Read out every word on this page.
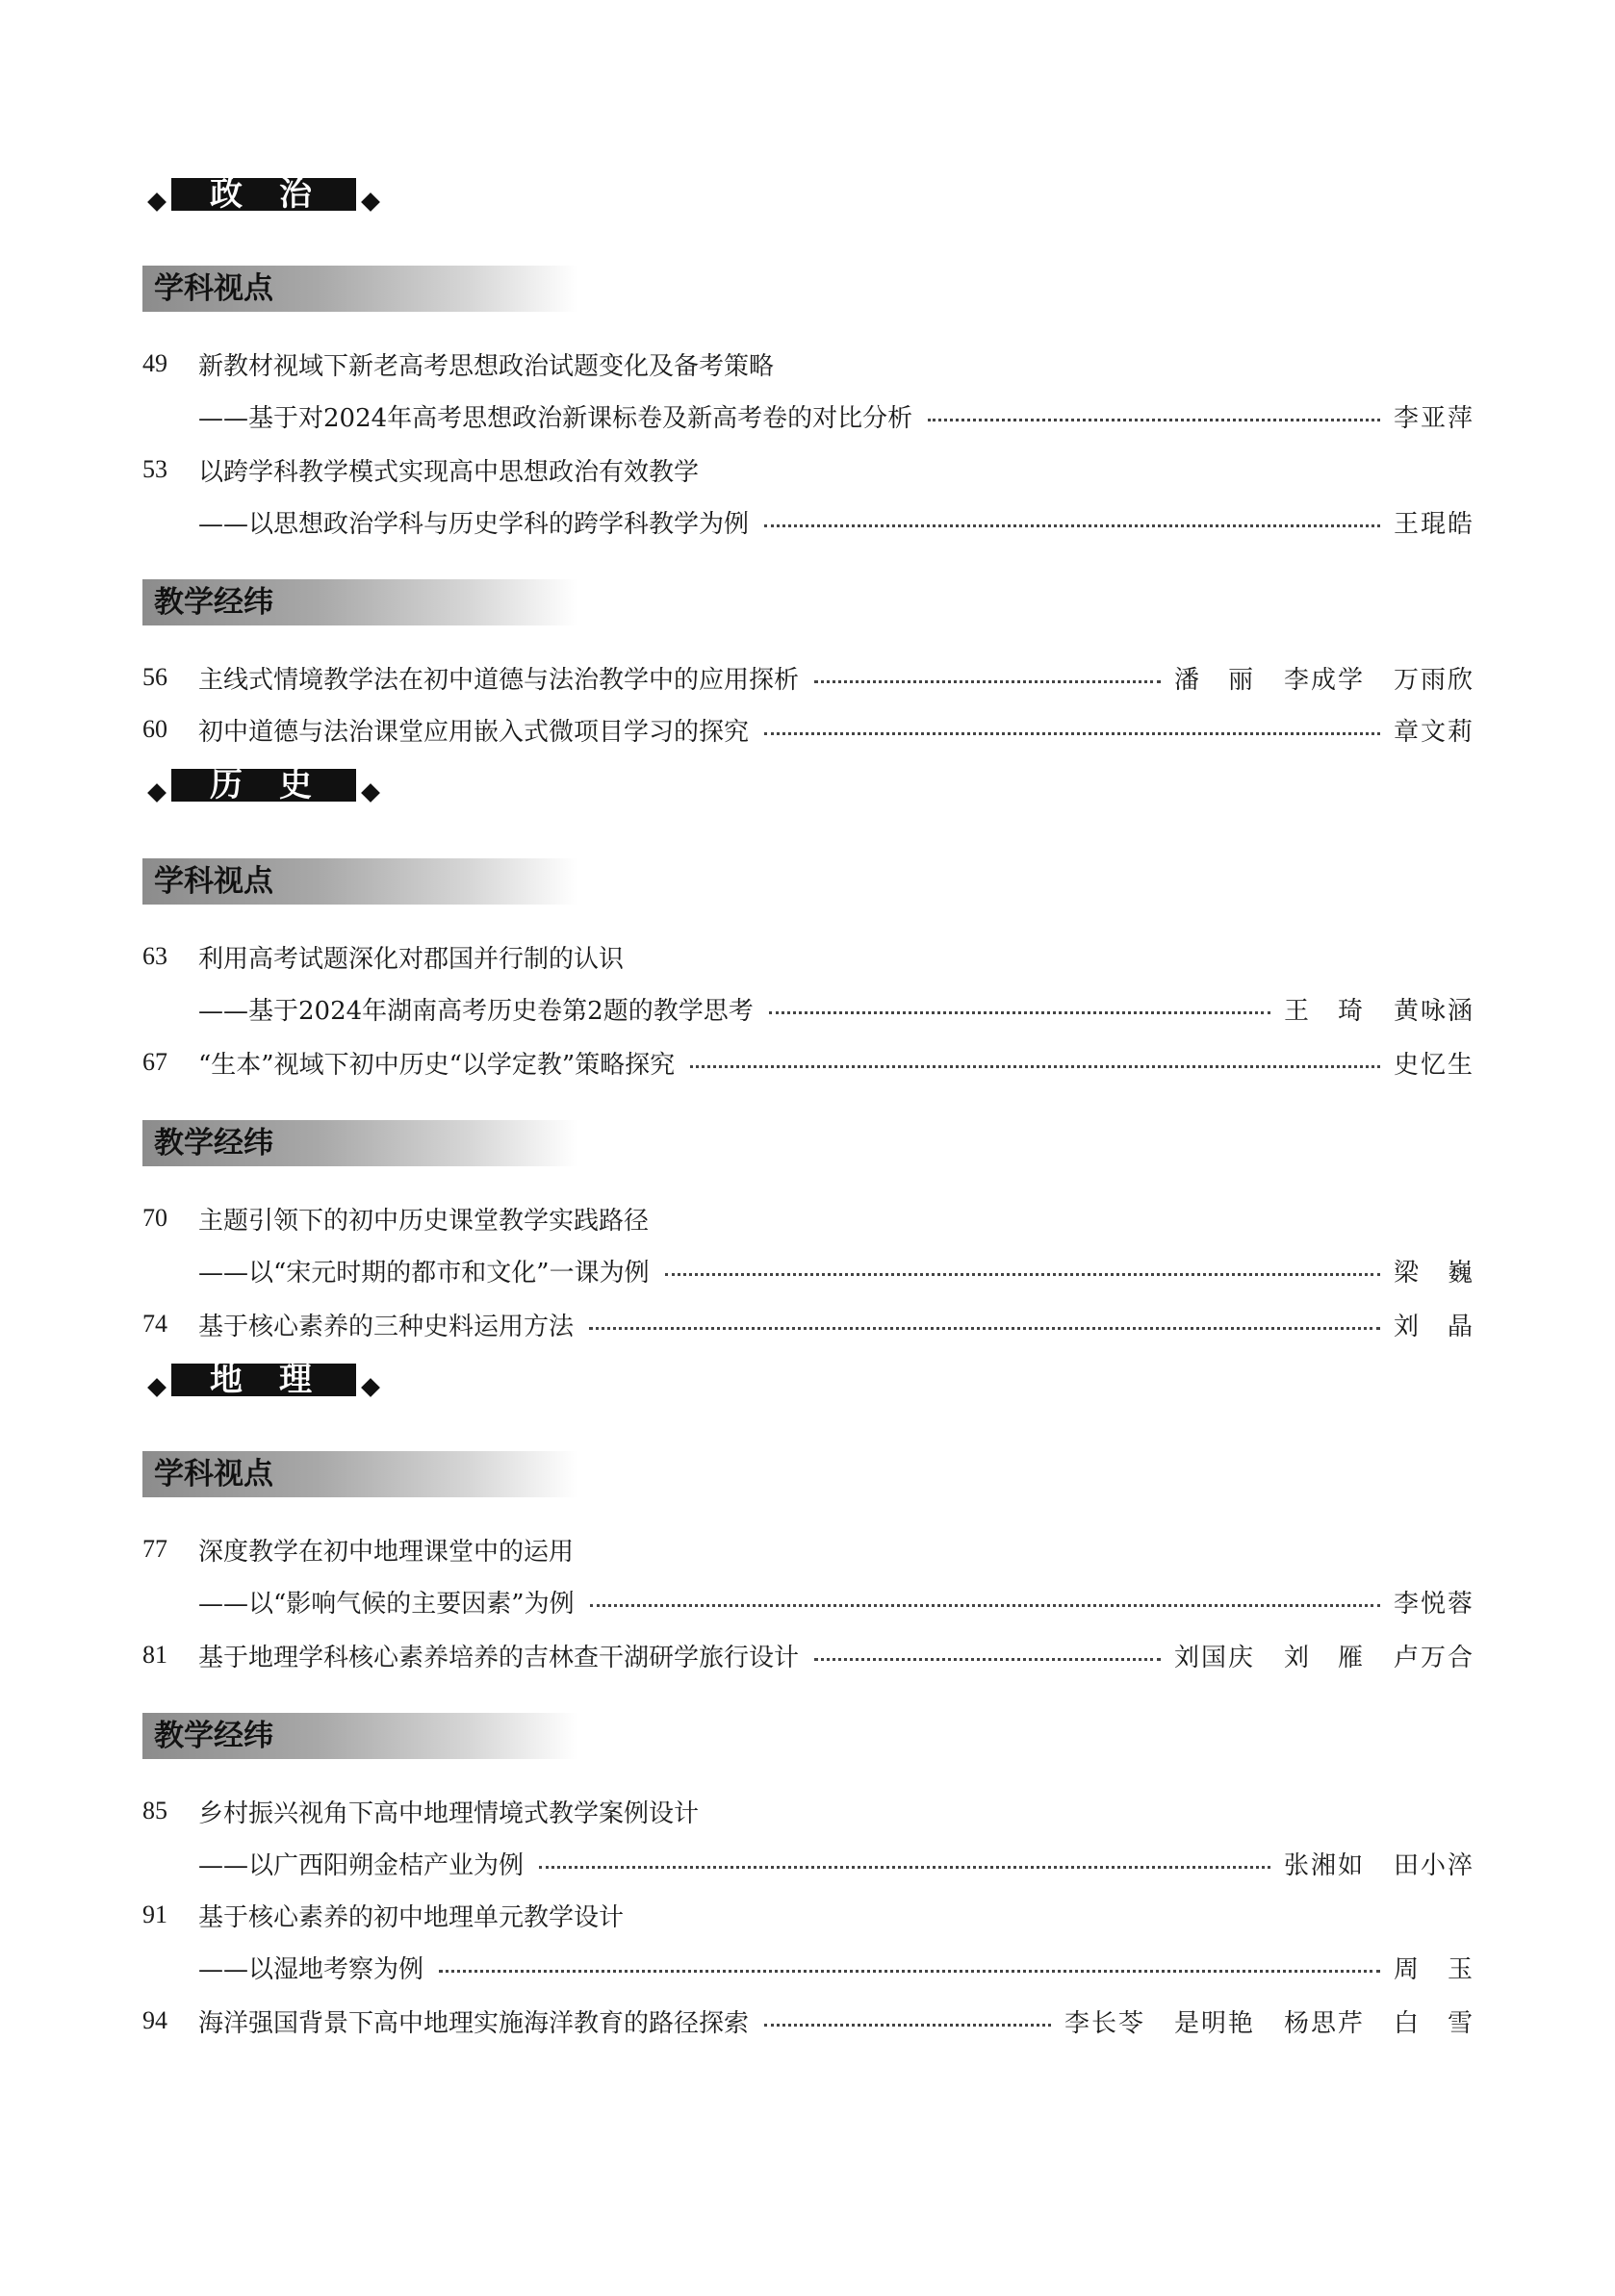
政治
学科视点
49	新教材视域下新老高考思想政治试题变化及备考策略
——基于对2024年高考思想政治新课标卷及新高考卷的对比分析	李亚萍
53	以跨学科教学模式实现高中思想政治有效教学
——以思想政治学科与历史学科的跨学科教学为例	王琨皓
教学经纬
56	主线式情境教学法在初中道德与法治教学中的应用探析	潘　丽 李成学 万雨欣
60	初中道德与法治课堂应用嵌入式微项目学习的探究	章文莉
历史
学科视点
63	利用高考试题深化对郡国并行制的认识
——基于2024年湖南高考历史卷第2题的教学思考	王　琦 黄咏涵
67	“生本”视域下初中历史“以学定教”策略探究	史忆生
教学经纬
70	主题引领下的初中历史课堂教学实践路径
——以“宋元时期的都市和文化”一课为例	梁　巍
74	基于核心素养的三种史料运用方法	刘　晶
地理
学科视点
77	深度教学在初中地理课堂中的运用
——以“影响气候的主要因素”为例	李悦蓉
81	基于地理学科核心素养培养的吉林查干湖研学旅行设计	刘国庆 刘　雁 卢万合
教学经纬
85	乡村振兴视角下高中地理情境式教学案例设计
——以广西阳朔金桔产业为例	张湘如 田小淬
91	基于核心素养的初中地理单元教学设计
——以湿地考察为例	周　玉
94	海洋强国背景下高中地理实施海洋教育的路径探索	李长苓 是明艳 杨思芹 白　雪
